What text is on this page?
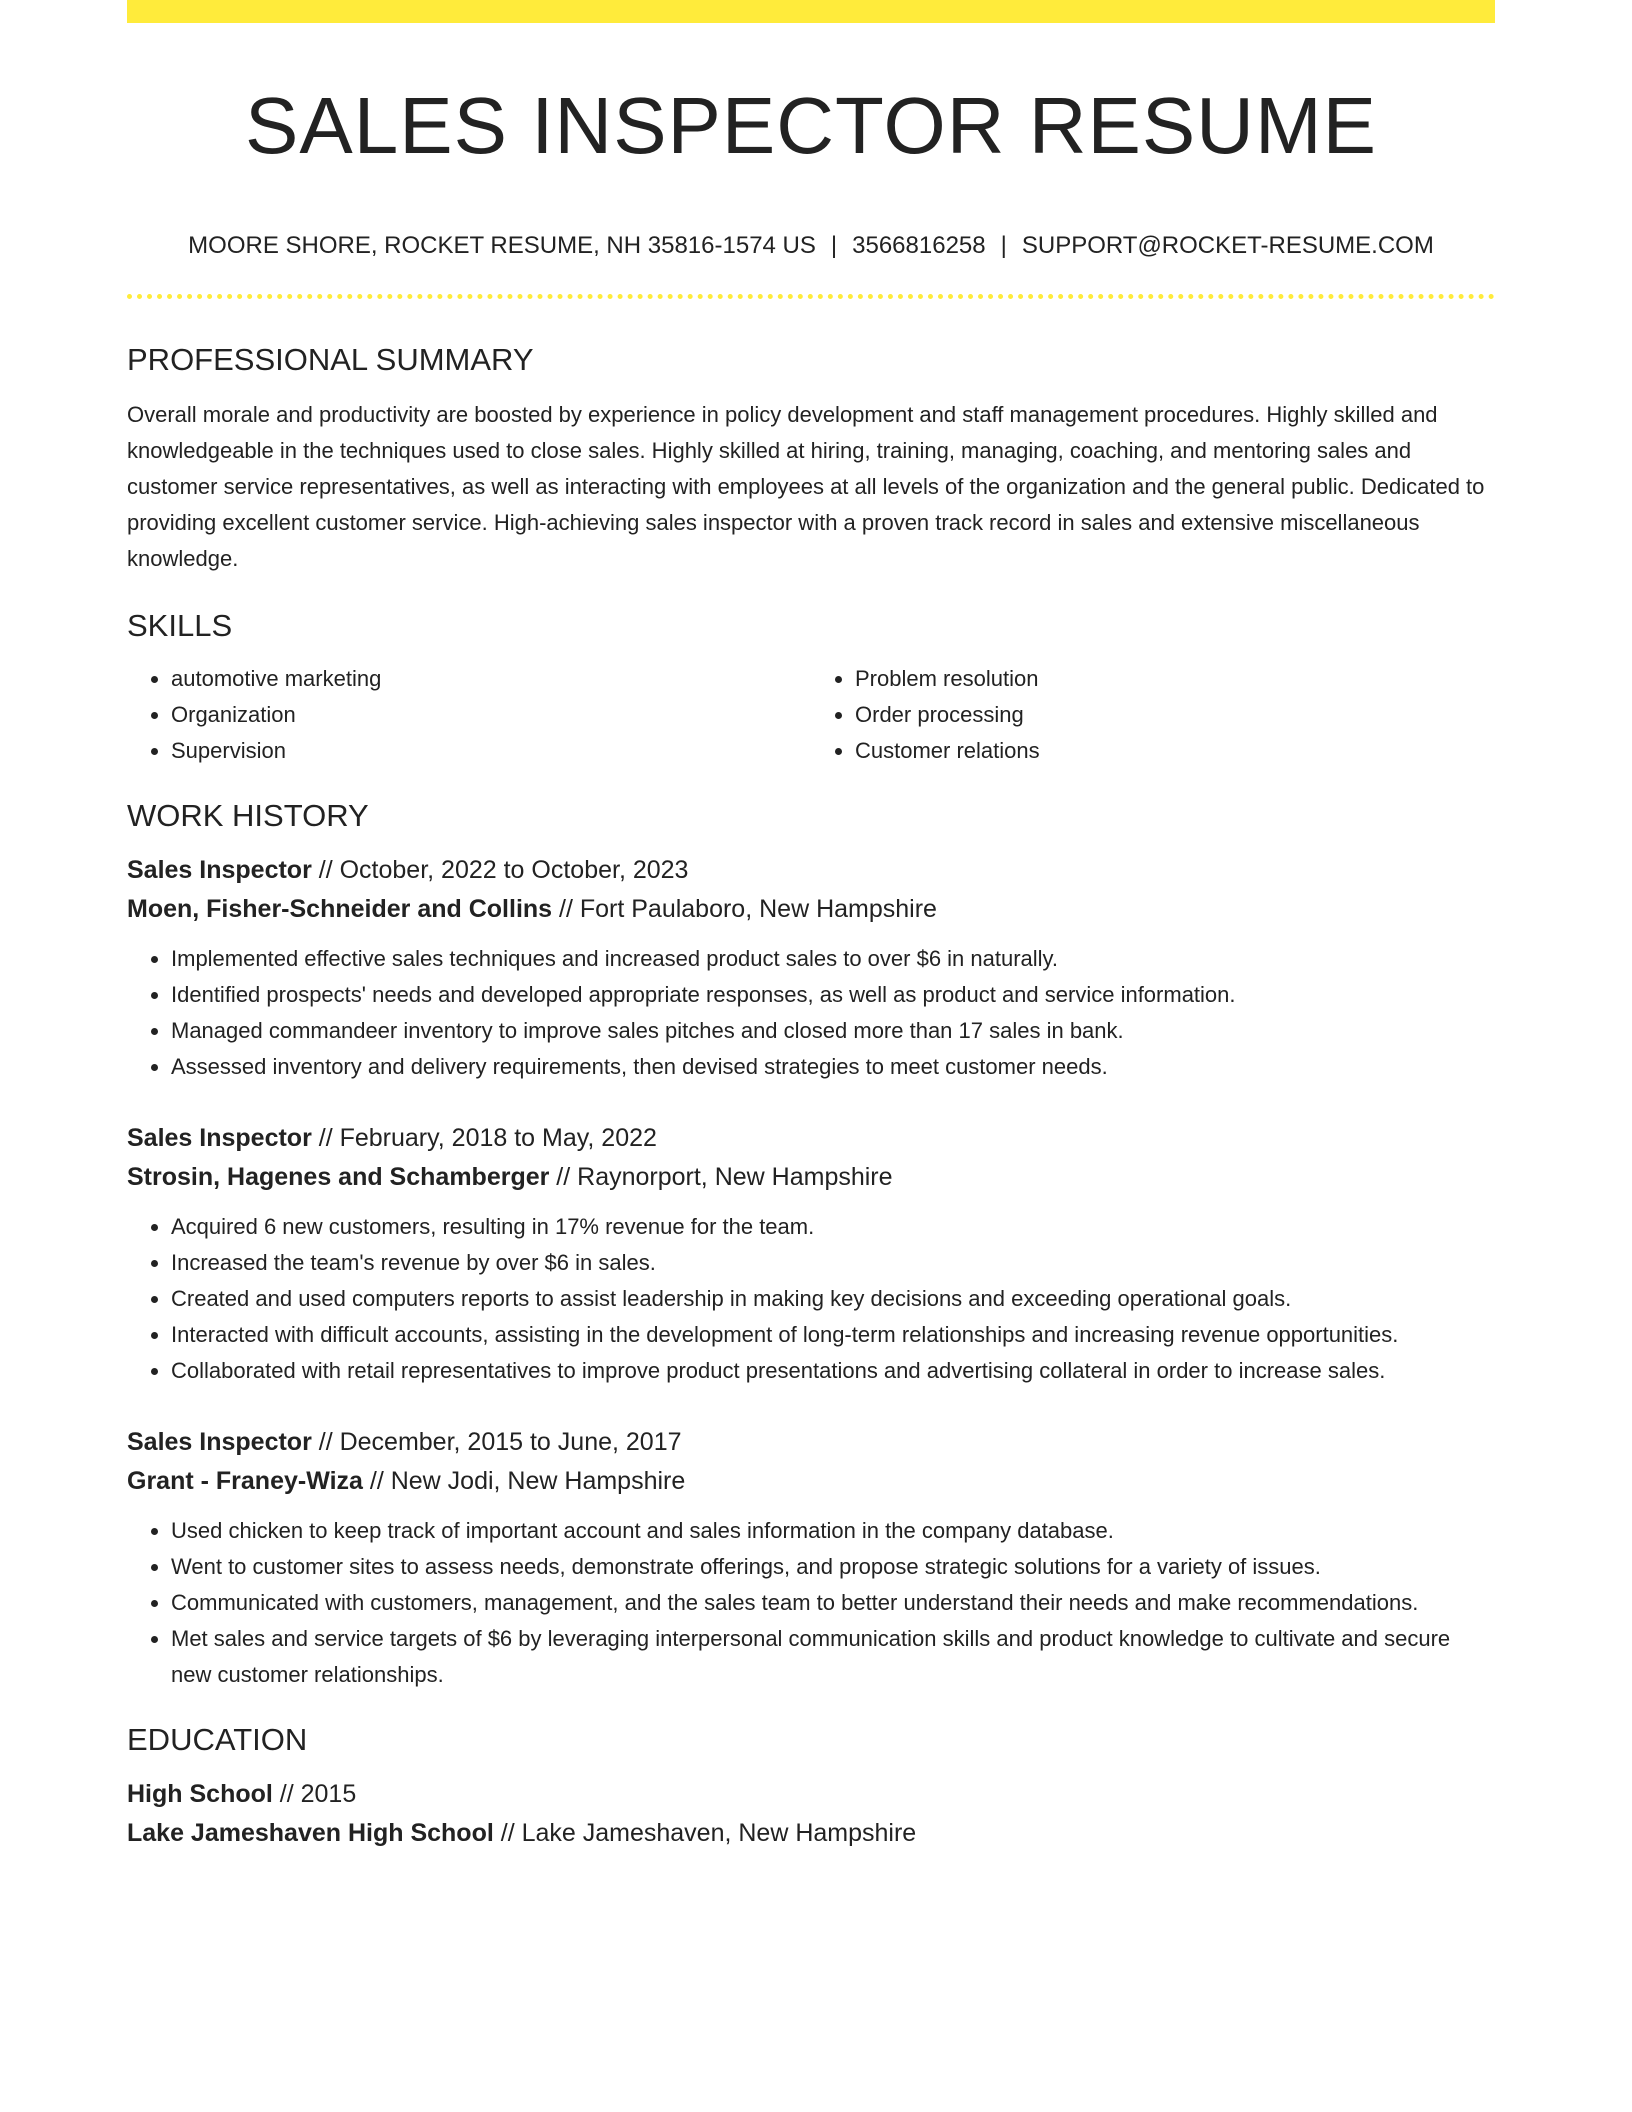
SALES INSPECTOR RESUME
MOORE SHORE, ROCKET RESUME, NH 35816-1574 US | 3566816258 | SUPPORT@ROCKET-RESUME.COM
PROFESSIONAL SUMMARY
Overall morale and productivity are boosted by experience in policy development and staff management procedures. Highly skilled and knowledgeable in the techniques used to close sales. Highly skilled at hiring, training, managing, coaching, and mentoring sales and customer service representatives, as well as interacting with employees at all levels of the organization and the general public. Dedicated to providing excellent customer service. High-achieving sales inspector with a proven track record in sales and extensive miscellaneous knowledge.
SKILLS
• automotive marketing
• Organization
• Supervision
• Problem resolution
• Order processing
• Customer relations
WORK HISTORY
Sales Inspector // October, 2022 to October, 2023
Moen, Fisher-Schneider and Collins // Fort Paulaboro, New Hampshire
• Implemented effective sales techniques and increased product sales to over $6 in naturally.
• Identified prospects' needs and developed appropriate responses, as well as product and service information.
• Managed commandeer inventory to improve sales pitches and closed more than 17 sales in bank.
• Assessed inventory and delivery requirements, then devised strategies to meet customer needs.
Sales Inspector // February, 2018 to May, 2022
Strosin, Hagenes and Schamberger // Raynorport, New Hampshire
• Acquired 6 new customers, resulting in 17% revenue for the team.
• Increased the team's revenue by over $6 in sales.
• Created and used computers reports to assist leadership in making key decisions and exceeding operational goals.
• Interacted with difficult accounts, assisting in the development of long-term relationships and increasing revenue opportunities.
• Collaborated with retail representatives to improve product presentations and advertising collateral in order to increase sales.
Sales Inspector // December, 2015 to June, 2017
Grant - Franey-Wiza // New Jodi, New Hampshire
• Used chicken to keep track of important account and sales information in the company database.
• Went to customer sites to assess needs, demonstrate offerings, and propose strategic solutions for a variety of issues.
• Communicated with customers, management, and the sales team to better understand their needs and make recommendations.
• Met sales and service targets of $6 by leveraging interpersonal communication skills and product knowledge to cultivate and secure new customer relationships.
EDUCATION
High School // 2015
Lake Jameshaven High School // Lake Jameshaven, New Hampshire
